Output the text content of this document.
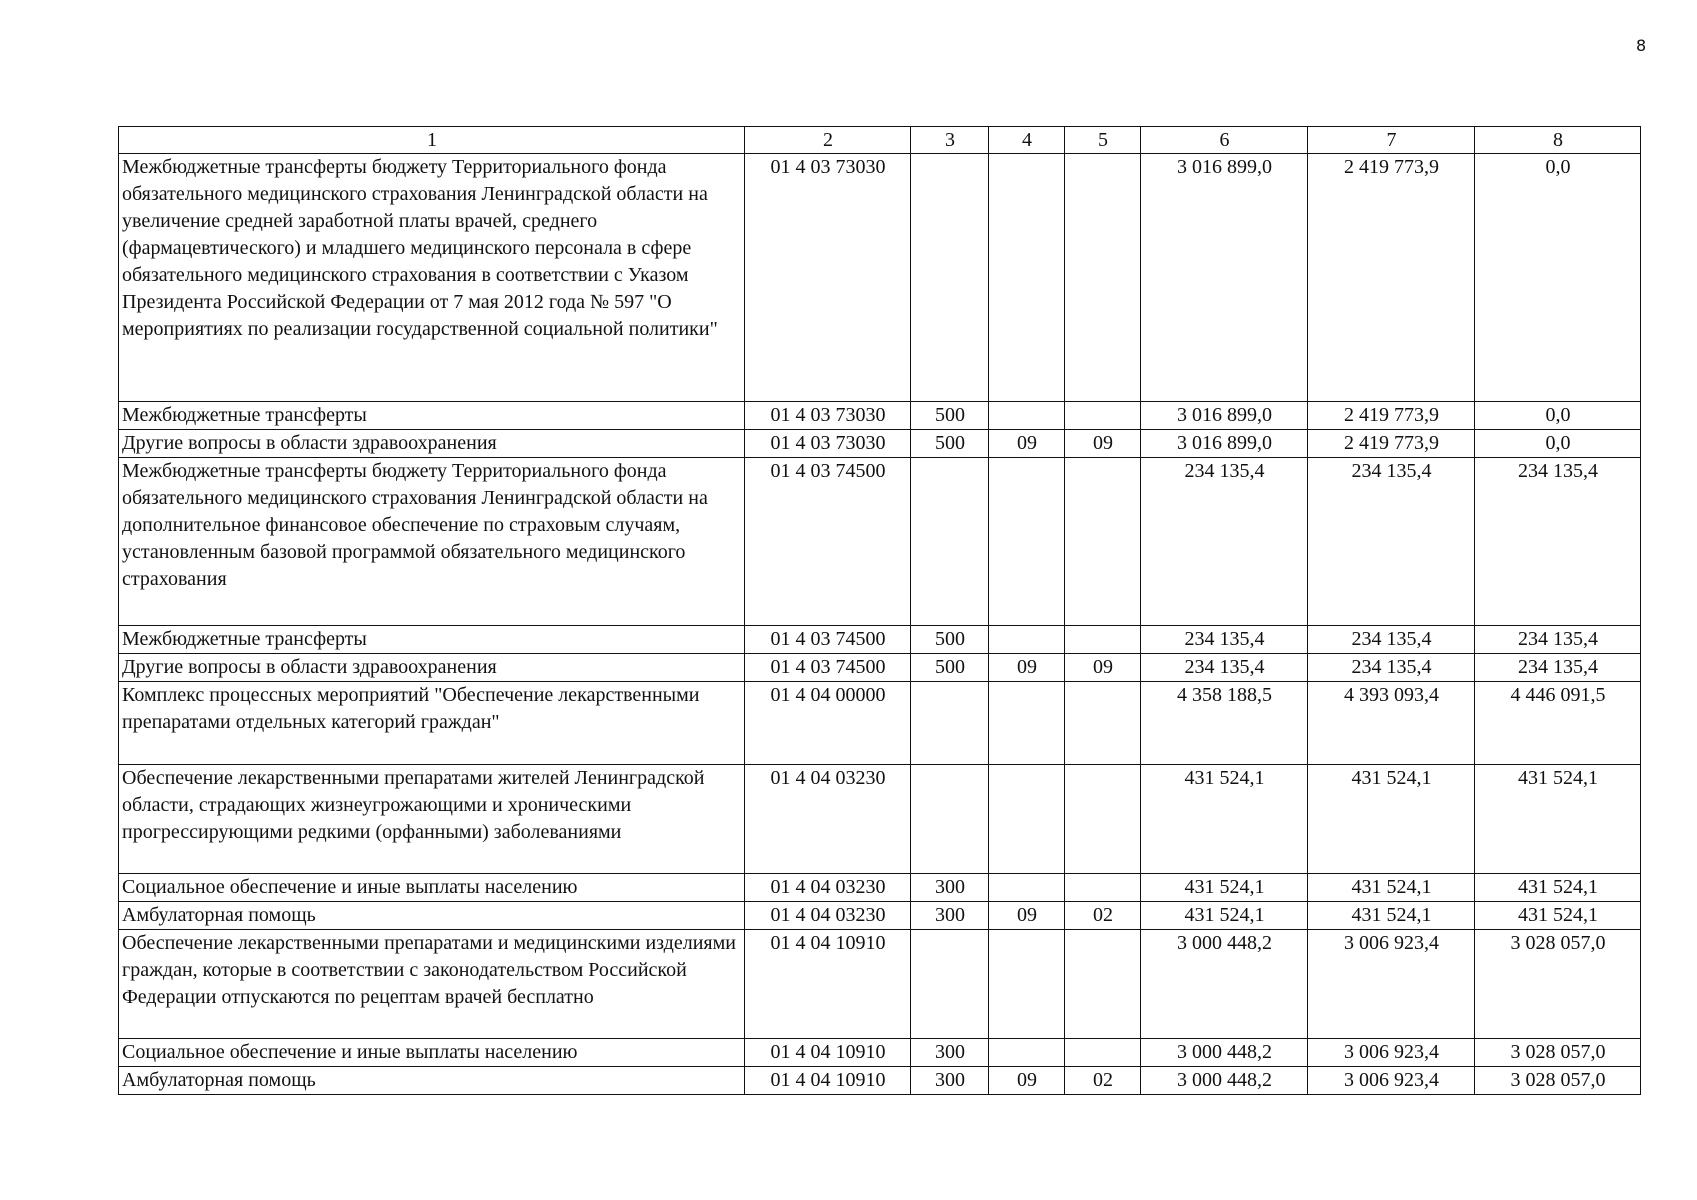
8
1	2	3	4	5	6	7	8
Межбюджетные трансферты бюджету Территориального фонда обязательного медицинского страхования Ленинградской области на увеличение средней заработной платы врачей, среднего (фармацевтического) и младшего медицинского персонала в сфере обязательного медицинского страхования в соответствии с Указом Президента Российской Федерации от 7 мая 2012 года № 597 "О мероприятиях по реализации государственной социальной политики"	01 4 03 73030				3 016 899,0	2 419 773,9	0,0
Межбюджетные трансферты	01 4 03 73030	500			3 016 899,0	2 419 773,9	0,0
Другие вопросы в области здравоохранения	01 4 03 73030	500	09	09	3 016 899,0	2 419 773,9	0,0
Межбюджетные трансферты бюджету Территориального фонда обязательного медицинского страхования Ленинградской области на дополнительное финансовое обеспечение по страховым случаям, установленным базовой программой обязательного медицинского страхования	01 4 03 74500				234 135,4	234 135,4	234 135,4
Межбюджетные трансферты	01 4 03 74500	500			234 135,4	234 135,4	234 135,4
Другие вопросы в области здравоохранения	01 4 03 74500	500	09	09	234 135,4	234 135,4	234 135,4
Комплекс процессных мероприятий "Обеспечение лекарственными препаратами отдельных категорий граждан"	01 4 04 00000				4 358 188,5	4 393 093,4	4 446 091,5
Обеспечение лекарственными препаратами жителей Ленинградской области, страдающих жизнеугрожающими и хроническими прогрессирующими редкими (орфанными) заболеваниями	01 4 04 03230				431 524,1	431 524,1	431 524,1
Социальное обеспечение и иные выплаты населению	01 4 04 03230	300			431 524,1	431 524,1	431 524,1
Амбулаторная помощь	01 4 04 03230	300	09	02	431 524,1	431 524,1	431 524,1
Обеспечение лекарственными препаратами и медицинскими изделиями граждан, которые в соответствии с законодательством Российской Федерации отпускаются по рецептам врачей бесплатно	01 4 04 10910				3 000 448,2	3 006 923,4	3 028 057,0
Социальное обеспечение и иные выплаты населению	01 4 04 10910	300			3 000 448,2	3 006 923,4	3 028 057,0
Амбулаторная помощь	01 4 04 10910	300	09	02	3 000 448,2	3 006 923,4	3 028 057,0
